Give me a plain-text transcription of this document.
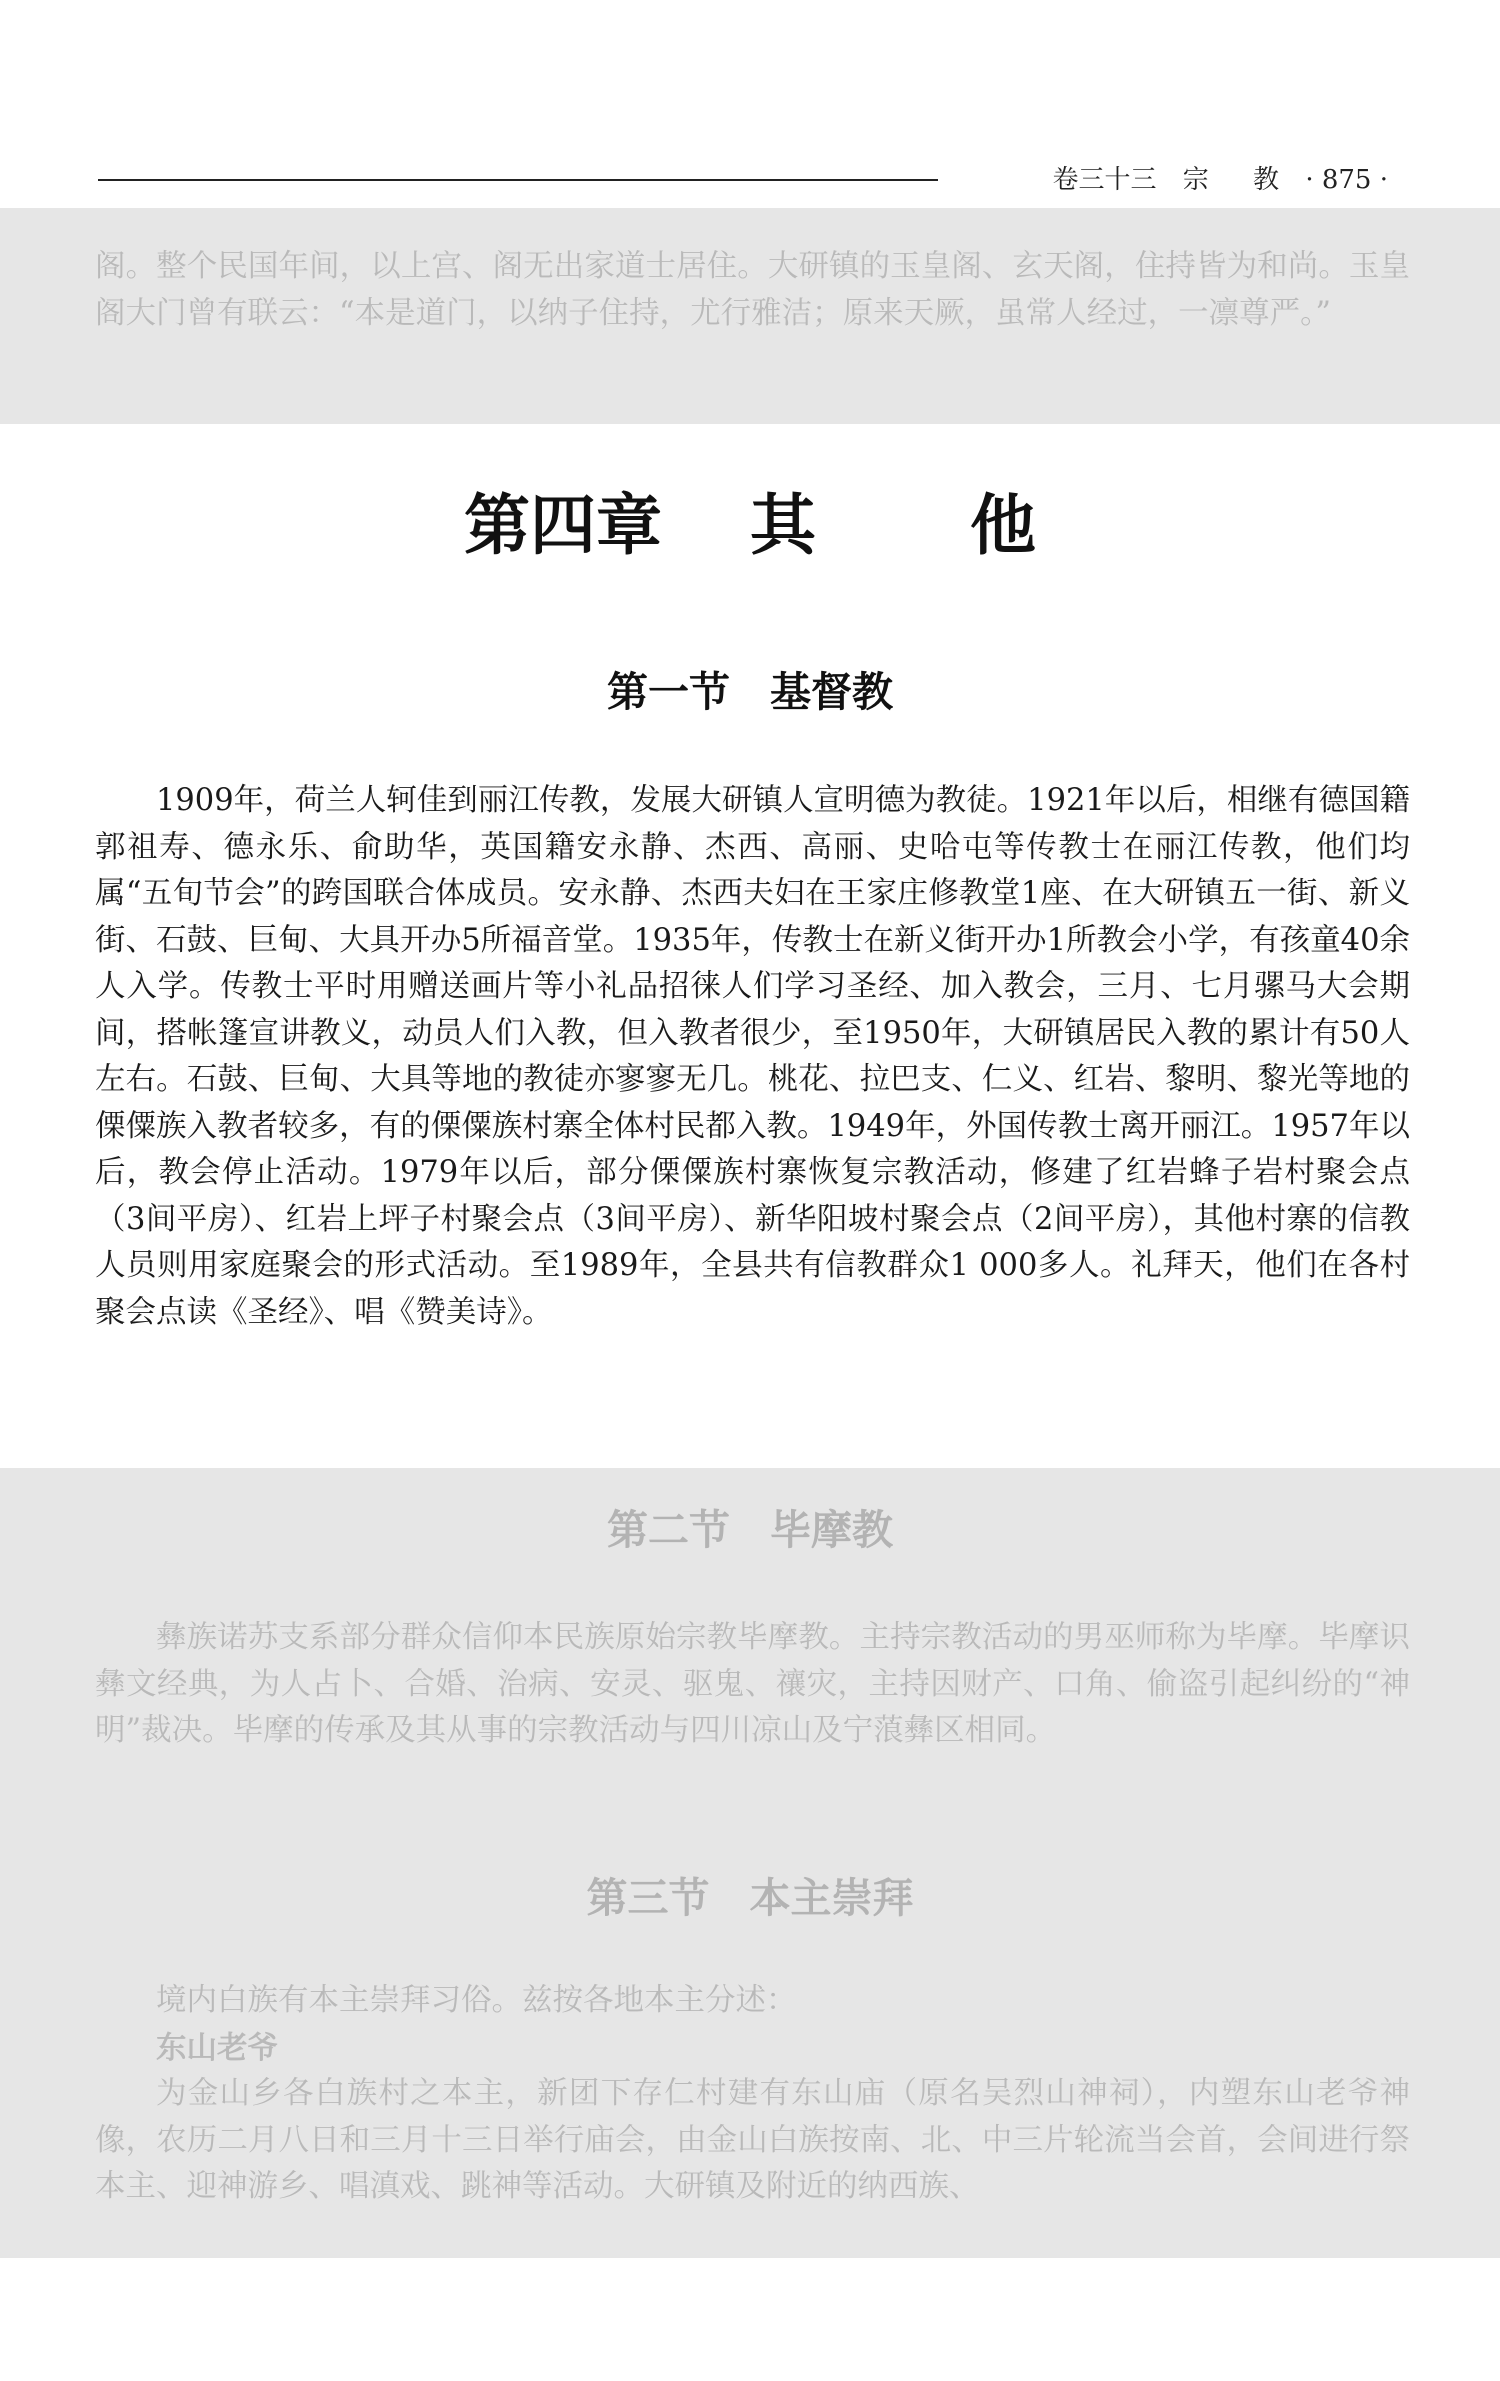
卷三十三 宗 教 · 875 ·

阁。整个民国年间，以上宫、阁无出家道士居住。大研镇的玉皇阁、玄天阁，住持皆为和尚。玉皇阁大门曾有联云：“本是道门，以纳子住持，尤行雅洁；原来天厥，虽常人经过，一凛尊严。”

第四章 其 他
第一节 基督教

1909年，荷兰人轲佳到丽江传教，发展大研镇人宣明德为教徒。1921年以后，相继有德国籍郭祖寿、德永乐、俞助华，英国籍安永静、杰西、高丽、史哈屯等传教士在丽江传教，他们均属“五旬节会”的跨国联合体成员。安永静、杰西夫妇在王家庄修教堂1座、在大研镇五一街、新义街、石鼓、巨甸、大具开办5所福音堂。1935年，传教士在新义街开办1所教会小学，有孩童40余人入学。传教士平时用赠送画片等小礼品招徕人们学习圣经、加入教会，三月、七月骡马大会期间，搭帐篷宣讲教义，动员人们入教，但入教者很少，至1950年，大研镇居民入教的累计有50人左右。石鼓、巨甸、大具等地的教徒亦寥寥无几。桃花、拉巴支、仁义、红岩、黎明、黎光等地的傈僳族入教者较多，有的傈僳族村寨全体村民都入教。1949年，外国传教士离开丽江。1957年以后，教会停止活动。1979年以后，部分傈僳族村寨恢复宗教活动，修建了红岩蜂子岩村聚会点（3间平房）、红岩上坪子村聚会点（3间平房）、新华阳坡村聚会点（2间平房），其他村寨的信教人员则用家庭聚会的形式活动。至1989年，全县共有信教群众1 000多人。礼拜天，他们在各村聚会点读《圣经》、唱《赞美诗》。

第二节 毕摩教

彝族诺苏支系部分群众信仰本民族原始宗教毕摩教。主持宗教活动的男巫师称为毕摩。毕摩识彝文经典，为人占卜、合婚、治病、安灵、驱鬼、禳灾，主持因财产、口角、偷盗引起纠纷的“神明”裁决。毕摩的传承及其从事的宗教活动与四川凉山及宁蒗彝区相同。

第三节 本主崇拜

境内白族有本主崇拜习俗。兹按各地本主分述：

东山老爷

为金山乡各白族村之本主，新团下存仁村建有东山庙（原名吴烈山神祠），内塑东山老爷神像，农历二月八日和三月十三日举行庙会，由金山白族按南、北、中三片轮流当会首，会间进行祭本主、迎神游乡、唱滇戏、跳神等活动。大研镇及附近的纳西族、
